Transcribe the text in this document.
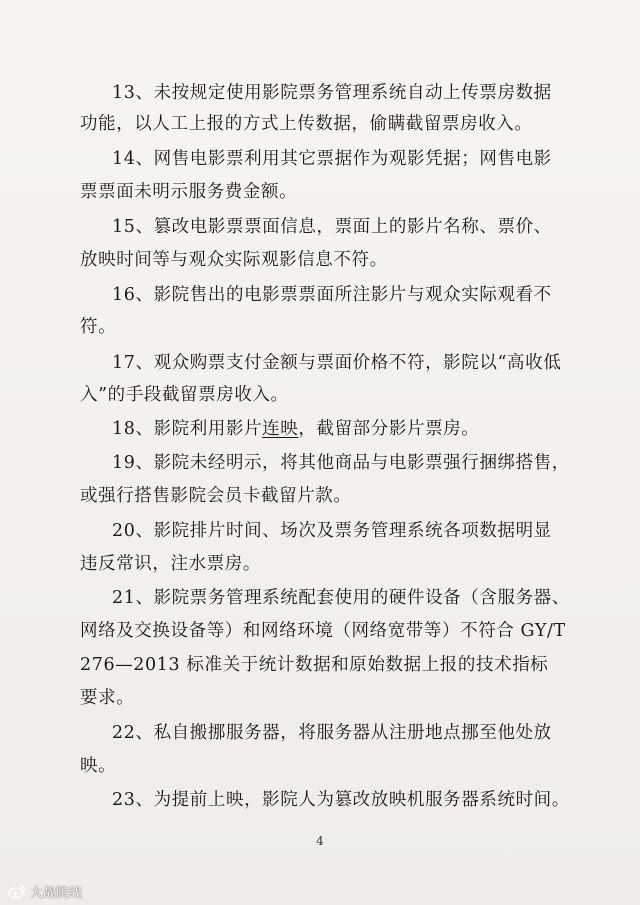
13、未按规定使用影院票务管理系统自动上传票房数据
功能，以人工上报的方式上传数据，偷瞒截留票房收入。
14、网售电影票利用其它票据作为观影凭据；网售电影
票票面未明示服务费金额。
15、篡改电影票票面信息，票面上的影片名称、票价、
放映时间等与观众实际观影信息不符。
16、影院售出的电影票票面所注影片与观众实际观看不
符。
17、观众购票支付金额与票面价格不符，影院以“高收低
入”的手段截留票房收入。
18、影院利用影片连映，截留部分影片票房。
19、影院未经明示，将其他商品与电影票强行捆绑搭售，
或强行搭售影院会员卡截留片款。
20、影院排片时间、场次及票务管理系统各项数据明显
违反常识，注水票房。
21、影院票务管理系统配套使用的硬件设备（含服务器、
网络及交换设备等）和网络环境（网络宽带等）不符合 GY/T
276—2013 标准关于统计数据和原始数据上报的技术指标
要求。
22、私自搬挪服务器，将服务器从注册地点挪至他处放
映。
23、为提前上映，影院人为篡改放映机服务器系统时间。
4
大战院线
